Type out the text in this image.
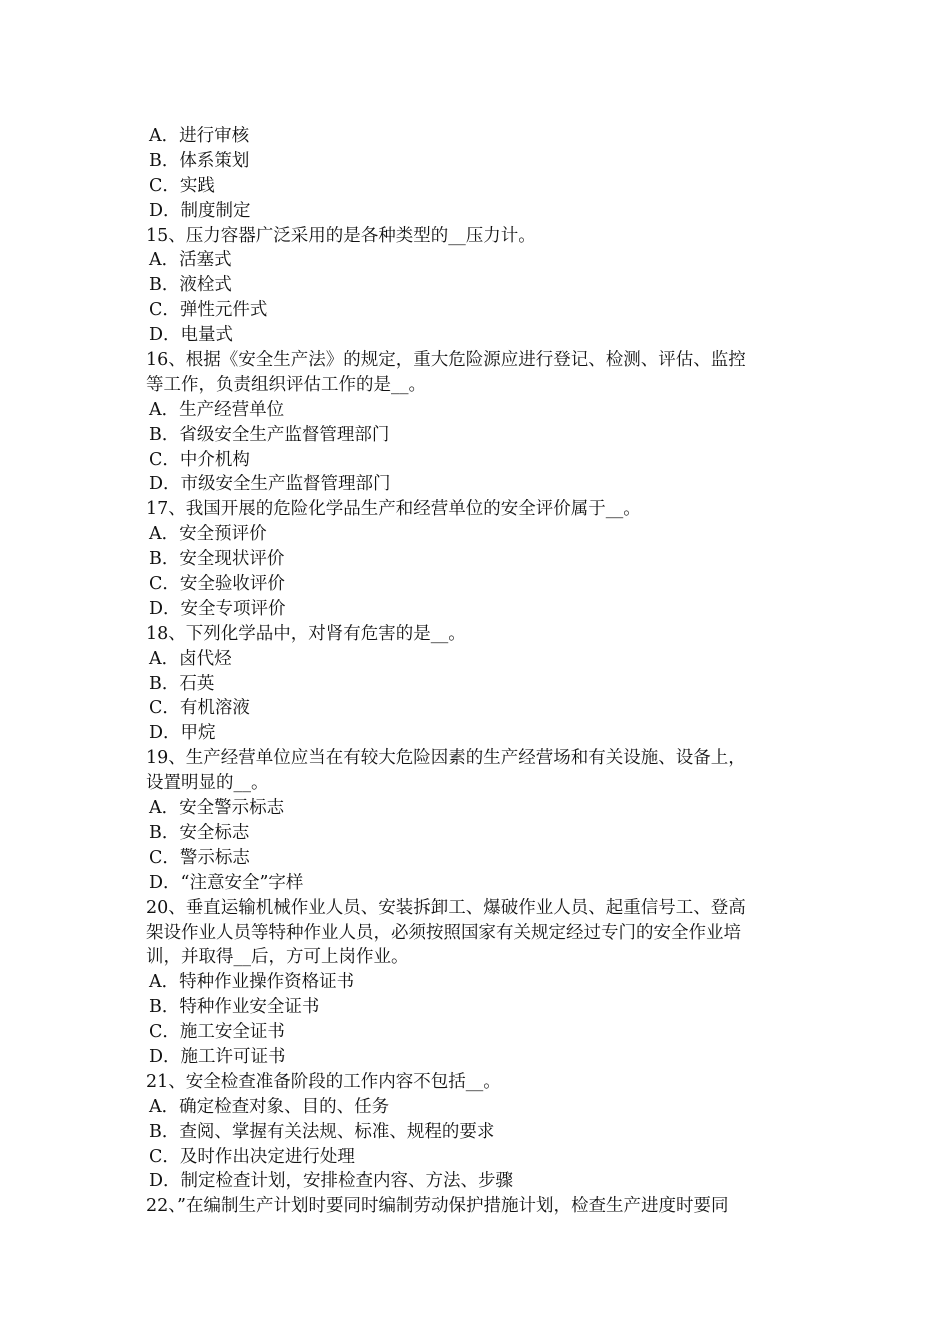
A．进行审核
B．体系策划
C．实践
D．制度制定
15、压力容器广泛采用的是各种类型的__压力计。
A．活塞式
B．液栓式
C．弹性元件式
D．电量式
16、根据《安全生产法》的规定，重大危险源应进行登记、检测、评估、监控
等工作，负责组织评估工作的是__。
A．生产经营单位
B．省级安全生产监督管理部门
C．中介机构
D．市级安全生产监督管理部门
17、我国开展的危险化学品生产和经营单位的安全评价属于__。
A．安全预评价
B．安全现状评价
C．安全验收评价
D．安全专项评价
18、下列化学品中，对肾有危害的是__。
A．卤代烃
B．石英
C．有机溶液
D．甲烷
19、生产经营单位应当在有较大危险因素的生产经营场和有关设施、设备上，
设置明显的__。
A．安全警示标志
B．安全标志
C．警示标志
D．“注意安全”字样
20、垂直运输机械作业人员、安装拆卸工、爆破作业人员、起重信号工、登高
架设作业人员等特种作业人员，必须按照国家有关规定经过专门的安全作业培
训，并取得__后，方可上岗作业。
A．特种作业操作资格证书
B．特种作业安全证书
C．施工安全证书
D．施工许可证书
21、安全检查准备阶段的工作内容不包括__。
A．确定检查对象、目的、任务
B．查阅、掌握有关法规、标准、规程的要求
C．及时作出决定进行处理
D．制定检查计划，安排检查内容、方法、步骤
22、”在编制生产计划时要同时编制劳动保护措施计划，检查生产进度时要同
